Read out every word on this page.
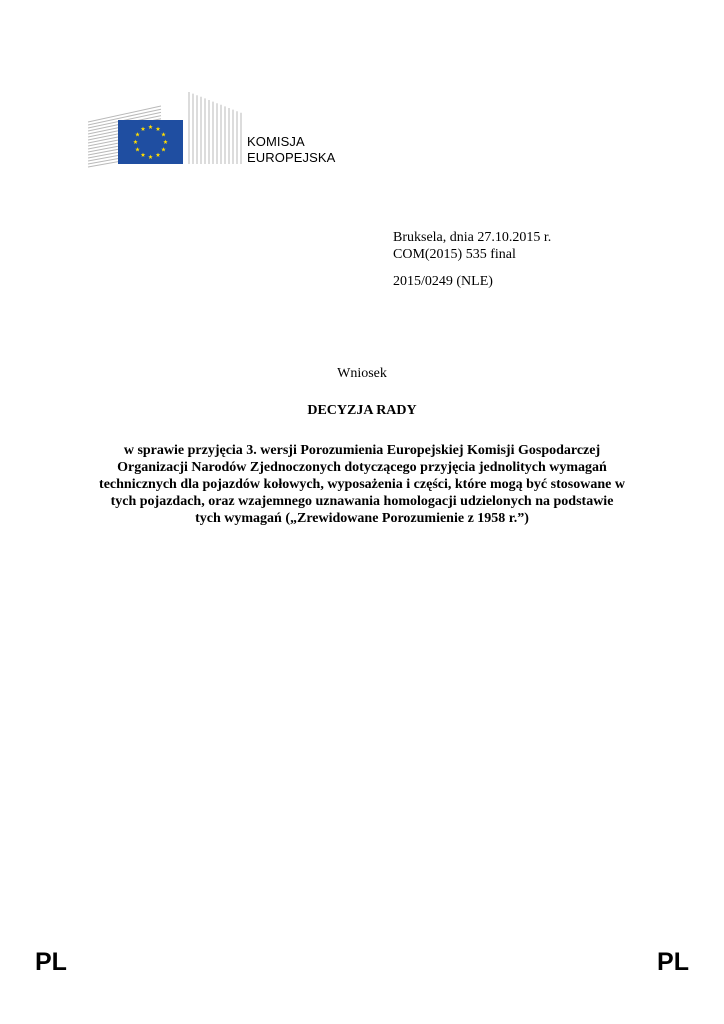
KOMISJA
EUROPEJSKA
Bruksela, dnia 27.10.2015 r.
COM(2015) 535 final
2015/0249 (NLE)
Wniosek
DECYZJA RADY
w sprawie przyjęcia 3. wersji Porozumienia Europejskiej Komisji Gospodarczej
Organizacji Narodów Zjednoczonych dotyczącego przyjęcia jednolitych wymagań
technicznych dla pojazdów kołowych, wyposażenia i części, które mogą być stosowane w
tych pojazdach, oraz wzajemnego uznawania homologacji udzielonych na podstawie
tych wymagań („Zrewidowane Porozumienie z 1958 r.”)
PL	PL
